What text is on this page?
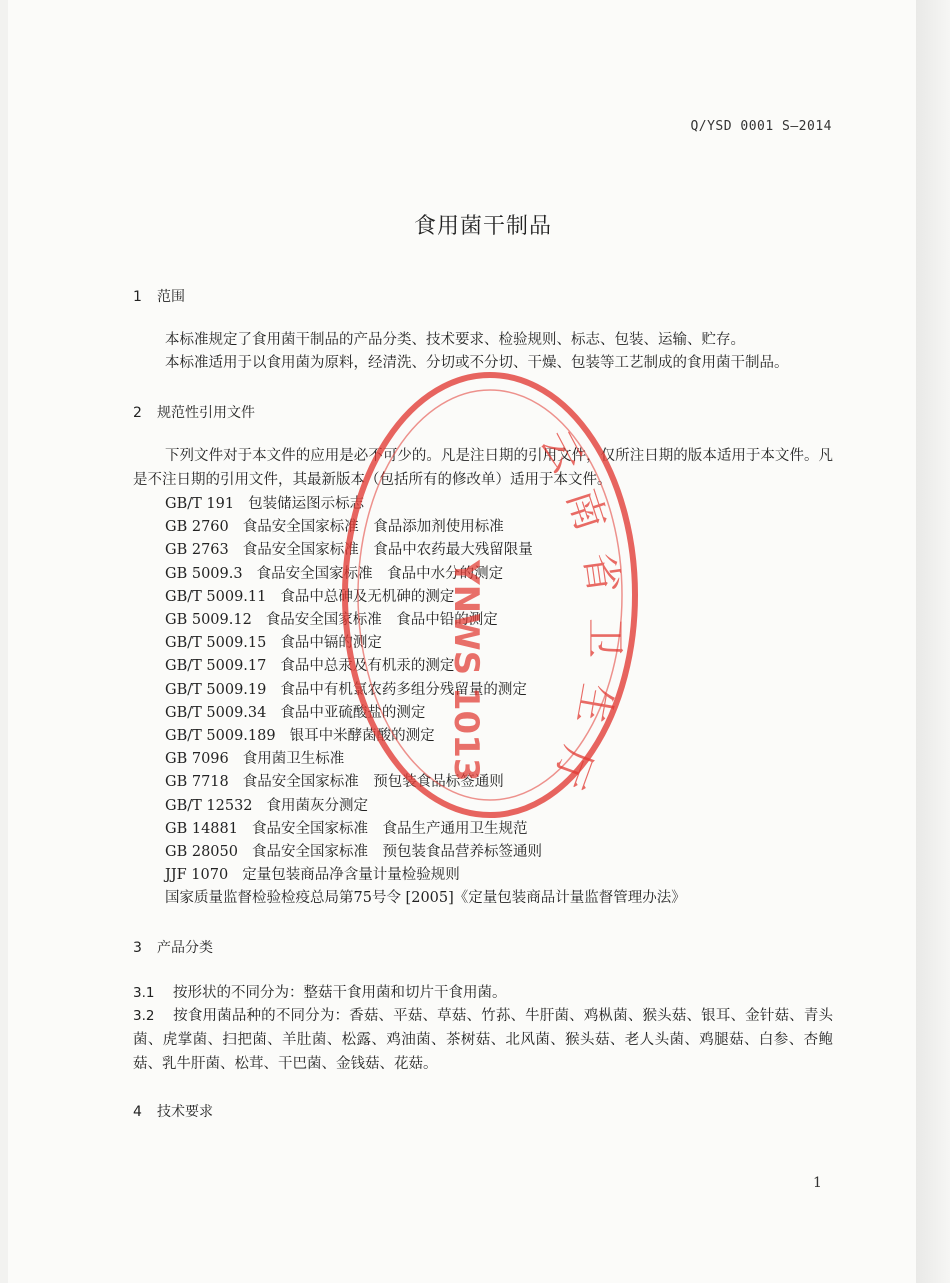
Q/YSD 0001 S—2014
食用菌干制品
1 范围
本标准规定了食用菌干制品的产品分类、技术要求、检验规则、标志、包装、运输、贮存。
本标准适用于以食用菌为原料，经清洗、分切或不分切、干燥、包装等工艺制成的食用菌干制品。
2 规范性引用文件
下列文件对于本文件的应用是必不可少的。凡是注日期的引用文件，仅所注日期的版本适用于本文件。凡是不注日期的引用文件，其最新版本（包括所有的修改单）适用于本文件。
GB/T 191 包装储运图示标志
GB 2760 食品安全国家标准　食品添加剂使用标准
GB 2763 食品安全国家标准　食品中农药最大残留限量
GB 5009.3 食品安全国家标准　食品中水分的测定
GB/T 5009.11 食品中总砷及无机砷的测定
GB 5009.12 食品安全国家标准　食品中铅的测定
GB/T 5009.15 食品中镉的测定
GB/T 5009.17 食品中总汞及有机汞的测定
GB/T 5009.19 食品中有机氯农药多组分残留量的测定
GB/T 5009.34 食品中亚硫酸盐的测定
GB/T 5009.189 银耳中米酵菌酸的测定
GB 7096 食用菌卫生标准
GB 7718 食品安全国家标准　预包装食品标签通则
GB/T 12532 食用菌灰分测定
GB 14881 食品安全国家标准　食品生产通用卫生规范
GB 28050 食品安全国家标准　预包装食品营养标签通则
JJF 1070 定量包装商品净含量计量检验规则
国家质量监督检验检疫总局第75号令 [2005]《定量包装商品计量监督管理办法》
3 产品分类
3.1 按形状的不同分为：整菇干食用菌和切片干食用菌。
3.2 按食用菌品种的不同分为：香菇、平菇、草菇、竹荪、牛肝菌、鸡枞菌、猴头菇、银耳、金针菇、青头菌、虎掌菌、扫把菌、羊肚菌、松露、鸡油菌、茶树菇、北风菌、猴头菇、老人头菌、鸡腿菇、白参、杏鲍菇、乳牛肝菌、松茸、干巴菌、金钱菇、花菇。
4 技术要求
1
云
南
省
卫
生
厅
YNWS 1013
